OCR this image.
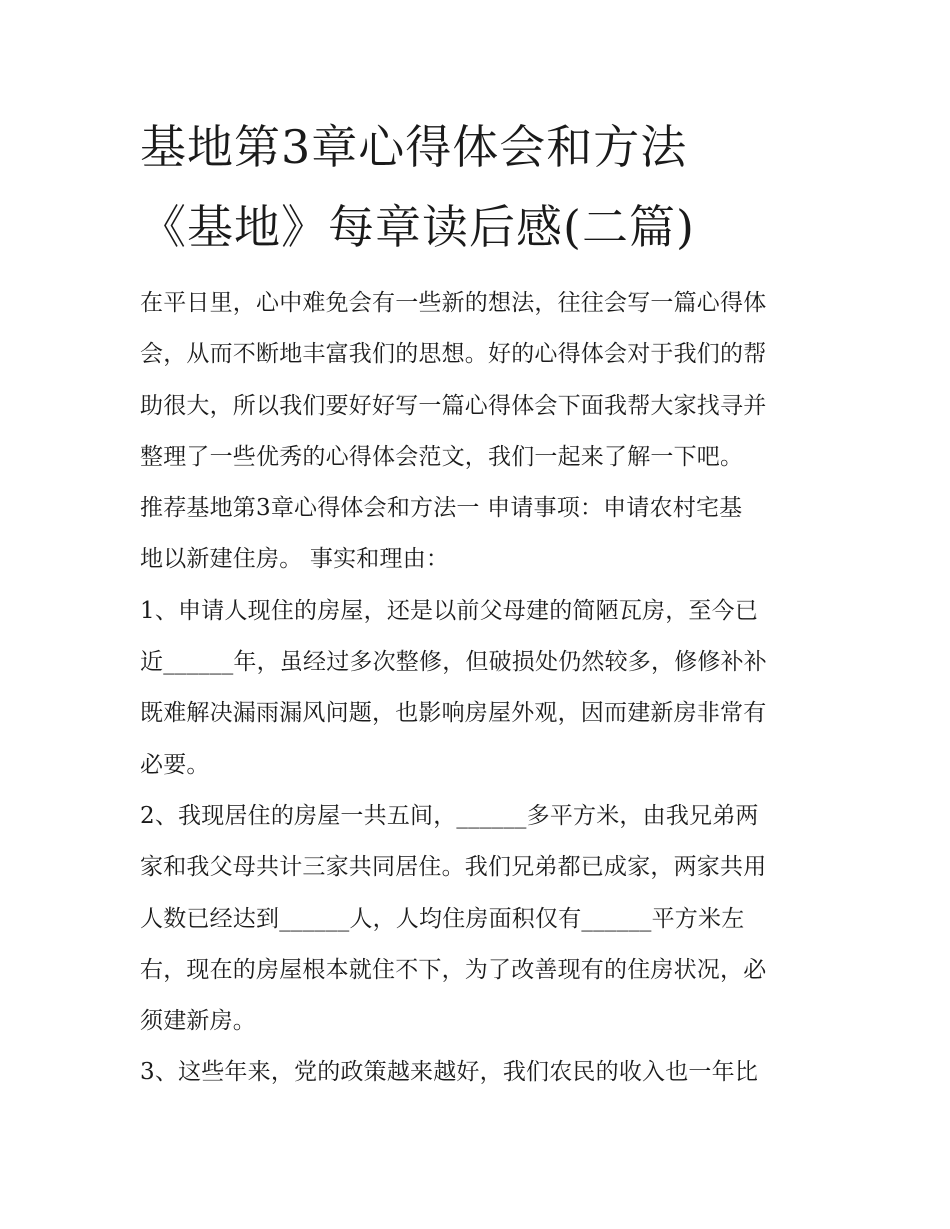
基地第3章心得体会和方法
《基地》每章读后感(二篇)
在平日里，心中难免会有一些新的想法，往往会写一篇心得体
会，从而不断地丰富我们的思想。好的心得体会对于我们的帮
助很大，所以我们要好好写一篇心得体会下面我帮大家找寻并
整理了一些优秀的心得体会范文，我们一起来了解一下吧。
推荐基地第3章心得体会和方法一 申请事项：申请农村宅基
地以新建住房。 事实和理由：
1、申请人现住的房屋，还是以前父母建的简陋瓦房，至今已
近______年，虽经过多次整修，但破损处仍然较多，修修补补
既难解决漏雨漏风问题，也影响房屋外观，因而建新房非常有
必要。
2、我现居住的房屋一共五间，______多平方米，由我兄弟两
家和我父母共计三家共同居住。我们兄弟都已成家，两家共用
人数已经达到______人，人均住房面积仅有______平方米左
右，现在的房屋根本就住不下，为了改善现有的住房状况，必
须建新房。
3、这些年来，党的政策越来越好，我们农民的收入也一年比
